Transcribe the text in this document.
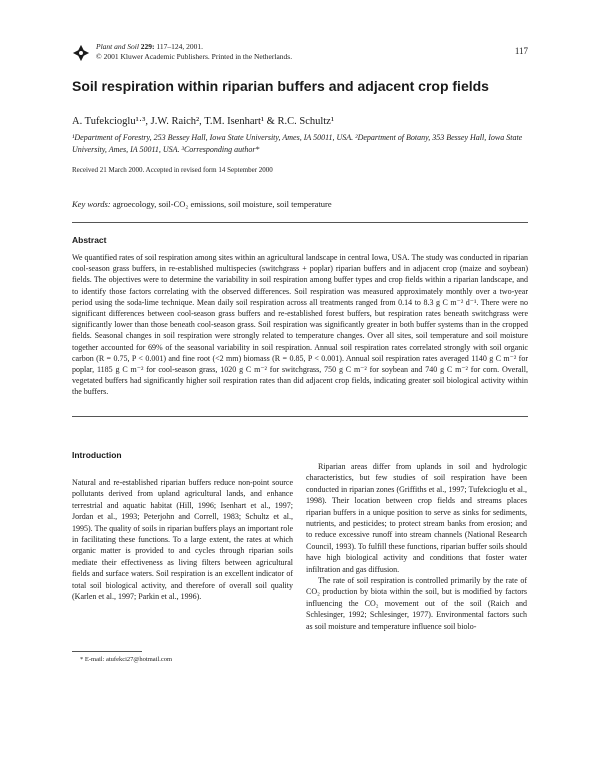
Plant and Soil 229: 117–124, 2001.
© 2001 Kluwer Academic Publishers. Printed in the Netherlands.
117
Soil respiration within riparian buffers and adjacent crop fields
A. Tufekcioglu¹·³, J.W. Raich², T.M. Isenhart¹ & R.C. Schultz¹
¹Department of Forestry, 253 Bessey Hall, Iowa State University, Ames, IA 50011, USA. ²Department of Botany, 353 Bessey Hall, Iowa State University, Ames, IA 50011, USA. ³Corresponding author*
Received 21 March 2000. Accepted in revised form 14 September 2000
Key words: agroecology, soil-CO₂ emissions, soil moisture, soil temperature
Abstract
We quantified rates of soil respiration among sites within an agricultural landscape in central Iowa, USA. The study was conducted in riparian cool-season grass buffers, in re-established multispecies (switchgrass + poplar) riparian buffers and in adjacent crop (maize and soybean) fields. The objectives were to determine the variability in soil respiration among buffer types and crop fields within a riparian landscape, and to identify those factors correlating with the observed differences. Soil respiration was measured approximately monthly over a two-year period using the soda-lime technique. Mean daily soil respiration across all treatments ranged from 0.14 to 8.3 g C m⁻² d⁻¹. There were no significant differences between cool-season grass buffers and re-established forest buffers, but respiration rates beneath switchgrass were significantly lower than those beneath cool-season grass. Soil respiration was significantly greater in both buffer systems than in the cropped fields. Seasonal changes in soil respiration were strongly related to temperature changes. Over all sites, soil temperature and soil moisture together accounted for 69% of the seasonal variability in soil respiration. Annual soil respiration rates correlated strongly with soil organic carbon (R = 0.75, P < 0.001) and fine root (<2 mm) biomass (R = 0.85, P < 0.001). Annual soil respiration rates averaged 1140 g C m⁻² for poplar, 1185 g C m⁻² for cool-season grass, 1020 g C m⁻² for switchgrass, 750 g C m⁻² for soybean and 740 g C m⁻² for corn. Overall, vegetated buffers had significantly higher soil respiration rates than did adjacent crop fields, indicating greater soil biological activity within the buffers.
Introduction

Natural and re-established riparian buffers reduce non-point source pollutants derived from upland agricultural lands, and enhance terrestrial and aquatic habitat (Hill, 1996; Isenhart et al., 1997; Jordan et al., 1993; Peterjohn and Correll, 1983; Schultz et al., 1995). The quality of soils in riparian buffers plays an important role in facilitating these functions. To a large extent, the rates at which organic matter is provided to and cycles through riparian soils mediate their effectiveness as living filters between agricultural fields and surface waters. Soil respiration is an excellent indicator of total soil biological activity, and therefore of overall soil quality (Karlen et al., 1997; Parkin et al., 1996).

Riparian areas differ from uplands in soil and hydrologic characteristics, but few studies of soil respiration have been conducted in riparian zones (Griffiths et al., 1997; Tufekcioglu et al., 1998). Their location between crop fields and streams places riparian buffers in a unique position to serve as sinks for sediments, nutrients, and pesticides; to protect stream banks from erosion; and to reduce excessive runoff into stream channels (National Research Council, 1993). To fulfill these functions, riparian buffer soils should have high biological activity and conditions that foster water infiltration and gas diffusion.

The rate of soil respiration is controlled primarily by the rate of CO₂ production by biota within the soil, but is modified by factors influencing the CO₂ movement out of the soil (Raich and Schlesinger, 1992; Schlesinger, 1977). Environmental factors such as soil moisture and temperature influence soil biolo-

* E-mail: atufekci27@hotmail.com
